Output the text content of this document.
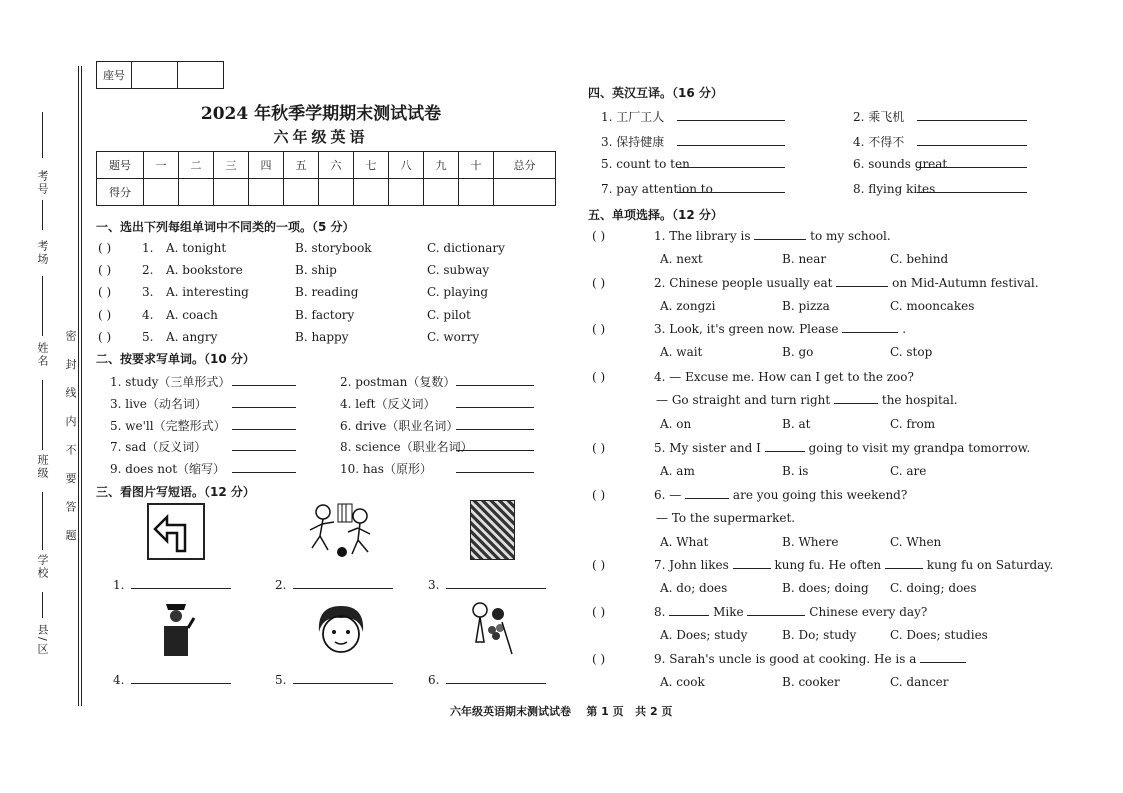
考号
考场
姓名
班级
学校
县/区
密 封 线 内 不 要 答 题
座号		
2024 年秋季学期期末测试试卷
六年级英语
题号	一	二	三	四	五	六	七	八	九	十	总分
得分											
一、选出下列每组单词中不同类的一项。（5 分）
( )	1.	A. tonight	B. storybook	C. dictionary
( )	2.	A. bookstore	B. ship	C. subway
( )	3.	A. interesting	B. reading	C. playing
( )	4.	A. coach	B. factory	C. pilot
( )	5.	A. angry	B. happy	C. worry
二、按要求写单词。（10 分）
1. study（三单形式）	2. postman（复数）
3. live（动名词）	4. left（反义词）
5. we'll（完整形式）	6. drive（职业名词）
7. sad（反义词）	8. science（职业名词）
9. does not（缩写）	10. has（原形）
三、看图片写短语。（12 分）
1.	2.	3.
4.	5.	6.
四、英汉互译。（16 分）
1. 工厂工人	2. 乘飞机
3. 保持健康	4. 不得不
5. count to ten	6. sounds great
7. pay attention to	8. flying kites
五、单项选择。（12 分）
( )	1. The library is	to my school.
A. next	B. near	C. behind
( )	2. Chinese people usually eat	on Mid-Autumn festival.
A. zongzi	B. pizza	C. mooncakes
( )	3. Look, it's green now. Please	.
A. wait	B. go	C. stop
( )	4. — Excuse me. How can I get to the zoo?
— Go straight and turn right	the hospital.
A. on	B. at	C. from
( )	5. My sister and I	going to visit my grandpa tomorrow.
A. am	B. is	C. are
( )	6. —	are you going this weekend?
— To the supermarket.
A. What	B. Where	C. When
( )	7. John likes	kung fu. He often	kung fu on Saturday.
A. do; does	B. does; doing C. doing; does
( )	8.	Mike	Chinese every day?
A. Does; study	B. Do; study	C. Does; studies
( )	9. Sarah's uncle is good at cooking. He is a
A. cook	B. cooker	C. dancer
六年级英语期末测试试卷    第 1 页   共 2 页
